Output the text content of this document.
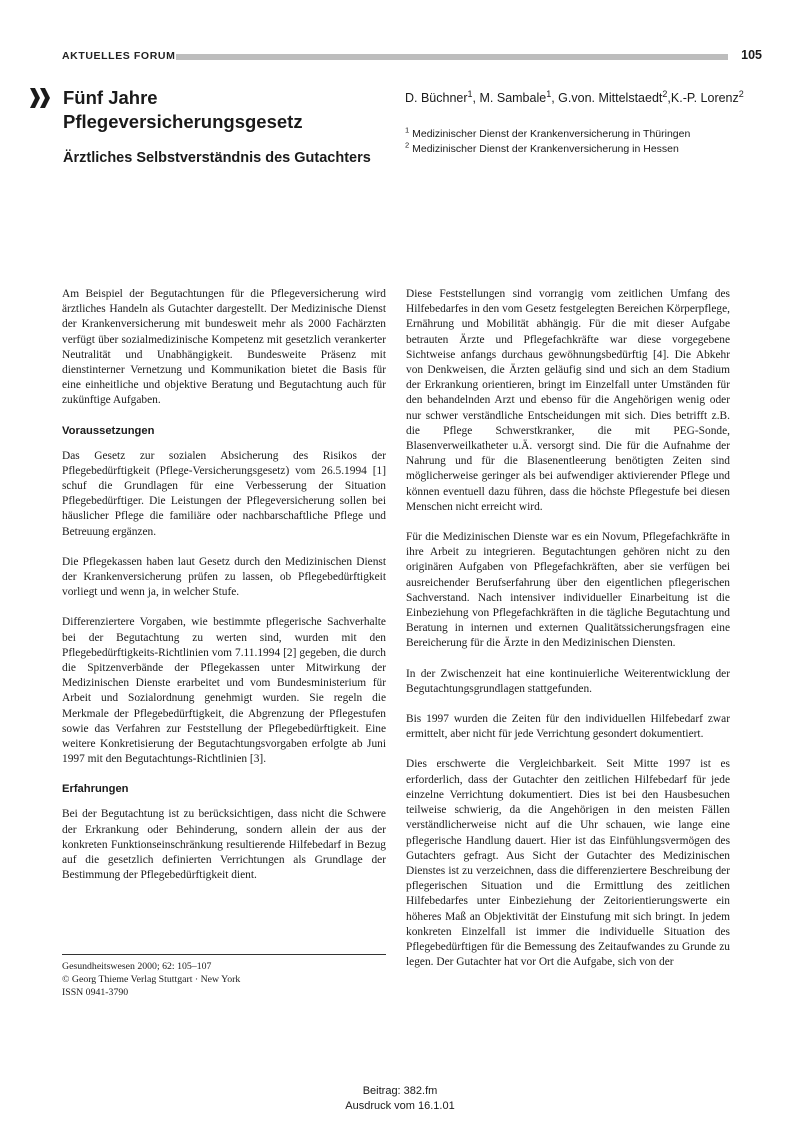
AKTUELLES FORUM	105
Fünf Jahre Pflegeversicherungsgesetz
Ärztliches Selbstverständnis des Gutachters
D. Büchner$^1$, M. Sambale$^1$, G.von. Mittelstaedt$^2$,K.-P. Lorenz$^2$
$^1$ Medizinischer Dienst der Krankenversicherung in Thüringen
$^2$ Medizinischer Dienst der Krankenversicherung in Hessen

Am Beispiel der Begutachtungen für die Pflegeversicherung wird ärztliches Handeln als Gutachter dargestellt. Der Medizinische Dienst der Krankenversicherung mit bundesweit mehr als 2000 Fachärzten verfügt über sozialmedizinische Kompetenz mit gesetzlich verankerter Neutralität und Unabhängigkeit. Bundesweite Präsenz mit dienstinterner Vernetzung und Kommunikation bietet die Basis für eine einheitliche und objektive Beratung und Begutachtung auch für zukünftige Aufgaben.

Voraussetzungen

Das Gesetz zur sozialen Absicherung des Risikos der Pflegebedürftigkeit (Pflege-Versicherungsgesetz) vom 26.5.1994 [1] schuf die Grundlagen für eine Verbesserung der Situation Pflegebedürftiger. Die Leistungen der Pflegeversicherung sollen bei häuslicher Pflege die familiäre oder nachbarschaftliche Pflege und Betreuung ergänzen.

Die Pflegekassen haben laut Gesetz durch den Medizinischen Dienst der Krankenversicherung prüfen zu lassen, ob Pflegebedürftigkeit vorliegt und wenn ja, in welcher Stufe.

Differenziertere Vorgaben, wie bestimmte pflegerische Sachverhalte bei der Begutachtung zu werten sind, wurden mit den Pflegebedürftigkeits-Richtlinien vom 7.11.1994 [2] gegeben, die durch die Spitzenverbände der Pflegekassen unter Mitwirkung der Medizinischen Dienste erarbeitet und vom Bundesministerium für Arbeit und Sozialordnung genehmigt wurden. Sie regeln die Merkmale der Pflegebedürftigkeit, die Abgrenzung der Pflegestufen sowie das Verfahren zur Feststellung der Pflegebedürftigkeit. Eine weitere Konkretisierung der Begutachtungsvorgaben erfolgte ab Juni 1997 mit den Begutachtungs-Richtlinien [3].

Erfahrungen

Bei der Begutachtung ist zu berücksichtigen, dass nicht die Schwere der Erkrankung oder Behinderung, sondern allein der aus der konkreten Funktionseinschränkung resultierende Hilfebedarf in Bezug auf die gesetzlich definierten Verrichtungen als Grundlage der Bestimmung der Pflegebedürftigkeit dient.

Diese Feststellungen sind vorrangig vom zeitlichen Umfang des Hilfebedarfes in den vom Gesetz festgelegten Bereichen Körperpflege, Ernährung und Mobilität abhängig. Für die mit dieser Aufgabe betrauten Ärzte und Pflegefachkräfte war diese vorgegebene Sichtweise anfangs durchaus gewöhnungsbedürftig [4]. Die Abkehr von Denkweisen, die Ärzten geläufig sind und sich an dem Stadium der Erkrankung orientieren, bringt im Einzelfall unter Umständen für den behandelnden Arzt und ebenso für die Angehörigen wenig oder nur schwer verständliche Entscheidungen mit sich. Dies betrifft z.B. die Pflege Schwerstkranker, die mit PEG-Sonde, Blasenverweilkatheter u.Ä. versorgt sind. Die für die Aufnahme der Nahrung und für die Blasenentleerung benötigten Zeiten sind möglicherweise geringer als bei aufwendiger aktivierender Pflege und können eventuell dazu führen, dass die höchste Pflegestufe bei diesen Menschen nicht erreicht wird.

Für die Medizinischen Dienste war es ein Novum, Pflegefachkräfte in ihre Arbeit zu integrieren. Begutachtungen gehören nicht zu den originären Aufgaben von Pflegefachkräften, aber sie verfügen bei ausreichender Berufserfahrung über den eigentlichen pflegerischen Sachverstand. Nach intensiver individueller Einarbeitung ist die Einbeziehung von Pflegefachkräften in die tägliche Begutachtung und Beratung in internen und externen Qualitätssicherungsfragen eine Bereicherung für die Ärzte in den Medizinischen Diensten.

In der Zwischenzeit hat eine kontinuierliche Weiterentwicklung der Begutachtungsgrundlagen stattgefunden.

Bis 1997 wurden die Zeiten für den individuellen Hilfebedarf zwar ermittelt, aber nicht für jede Verrichtung gesondert dokumentiert.

Dies erschwerte die Vergleichbarkeit. Seit Mitte 1997 ist es erforderlich, dass der Gutachter den zeitlichen Hilfebedarf für jede einzelne Verrichtung dokumentiert. Dies ist bei den Hausbesuchen teilweise schwierig, da die Angehörigen in den meisten Fällen verständlicherweise nicht auf die Uhr schauen, wie lange eine pflegerische Handlung dauert. Hier ist das Einfühlungsvermögen des Gutachters gefragt. Aus Sicht der Gutachter des Medizinischen Dienstes ist zu verzeichnen, dass die differenziertere Beschreibung der pflegerischen Situation und die Ermittlung des zeitlichen Hilfebedarfes unter Einbeziehung der Zeitorientierungswerte ein höheres Maß an Objektivität der Einstufung mit sich bringt. In jedem konkreten Einzelfall ist immer die individuelle Situation des Pflegebedürftigen für die Bemessung des Zeitaufwandes zu Grunde zu legen. Der Gutachter hat vor Ort die Aufgabe, sich von der

Gesundheitswesen 2000; 62: 105–107
© Georg Thieme Verlag Stuttgart · New York
ISSN 0941-3790
Beitrag: 382.fm
Ausdruck vom 16.1.01
